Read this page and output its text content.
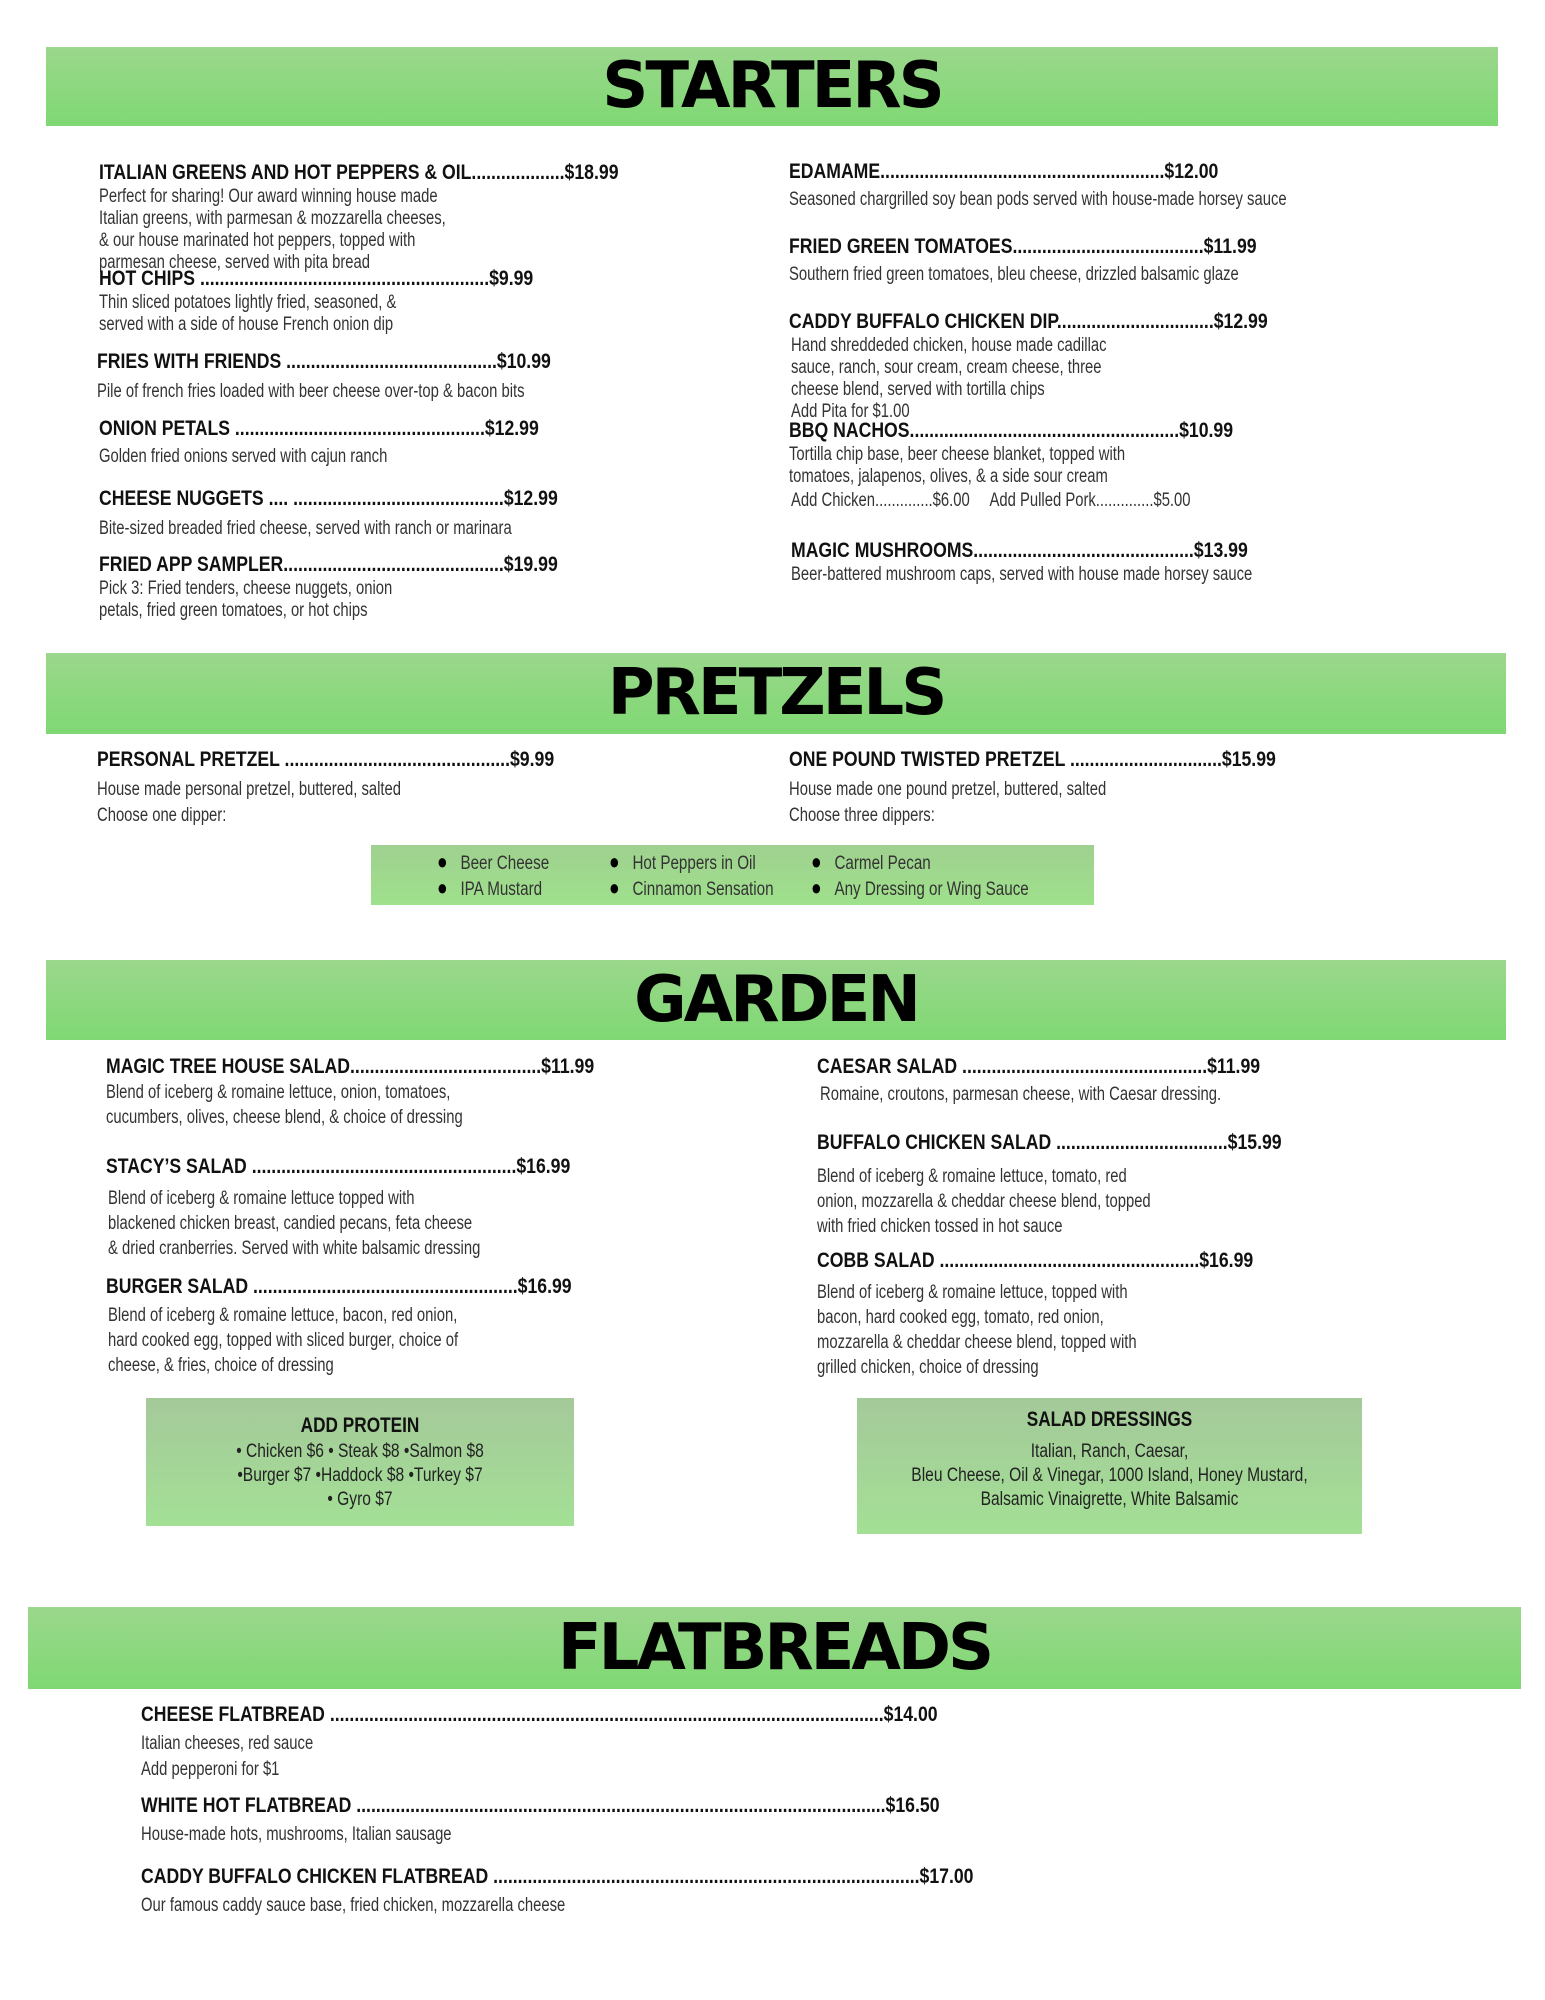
STARTERS
ITALIAN GREENS AND HOT PEPPERS & OIL...................$18.99
Perfect for sharing! Our award winning house made Italian greens, with parmesan & mozzarella cheeses, & our house marinated hot peppers, topped with parmesan cheese, served with pita bread
HOT CHIPS ...........................................................$9.99
Thin sliced potatoes lightly fried, seasoned, & served with a side of house French onion dip
FRIES WITH FRIENDS ...........................................$10.99
Pile of french fries loaded with beer cheese over-top & bacon bits
ONION PETALS ...................................................$12.99
Golden fried onions served with cajun ranch
CHEESE NUGGETS .... ...........................................$12.99
Bite-sized breaded fried cheese, served with ranch or marinara
FRIED APP SAMPLER.............................................$19.99
Pick 3: Fried tenders, cheese nuggets, onion petals, fried green tomatoes, or hot chips
EDAMAME..........................................................$12.00
Seasoned chargrilled soy bean pods served with house-made horsey sauce
FRIED GREEN TOMATOES.......................................$11.99
Southern fried green tomatoes, bleu cheese, drizzled balsamic glaze
CADDY BUFFALO CHICKEN DIP................................$12.99
Hand shreddeded chicken, house made cadillac sauce, ranch, sour cream, cream cheese, three cheese blend, served with tortilla chips
Add Pita for $1.00
BBQ NACHOS.......................................................$10.99
Tortilla chip base, beer cheese blanket, topped with tomatoes, jalapenos, olives, & a side sour cream
Add Chicken..............$6.00     Add Pulled Pork..............$5.00
MAGIC MUSHROOMS.............................................$13.99
Beer-battered mushroom caps, served with house made horsey sauce
PRETZELS
PERSONAL PRETZEL ..............................................$9.99
House made personal pretzel, buttered, salted
Choose one dipper:
ONE POUND TWISTED PRETZEL ...............................$15.99
House made one pound pretzel, buttered, salted
Choose three dippers:
● Beer Cheese
● IPA Mustard
● Hot Peppers in Oil
● Cinnamon Sensation
● Carmel Pecan
● Any Dressing or Wing Sauce
GARDEN
MAGIC TREE HOUSE SALAD.......................................$11.99
Blend of iceberg & romaine lettuce, onion, tomatoes, cucumbers, olives, cheese blend, & choice of dressing
STACY’S SALAD ......................................................$16.99
Blend of iceberg & romaine lettuce topped with blackened chicken breast, candied pecans, feta cheese & dried cranberries. Served with white balsamic dressing
BURGER SALAD ......................................................$16.99
Blend of iceberg & romaine lettuce, bacon, red onion, hard cooked egg, topped with sliced burger, choice of cheese, & fries, choice of dressing
CAESAR SALAD ..................................................$11.99
Romaine, croutons, parmesan cheese, with Caesar dressing.
BUFFALO CHICKEN SALAD ...................................$15.99
Blend of iceberg & romaine lettuce, tomato, red onion, mozzarella & cheddar cheese blend, topped with fried chicken tossed in hot sauce
COBB SALAD .....................................................$16.99
Blend of iceberg & romaine lettuce, topped with bacon, hard cooked egg, tomato, red onion, mozzarella & cheddar cheese blend, topped with grilled chicken, choice of dressing
ADD PROTEIN
• Chicken $6 • Steak $8 •Salmon $8
•Burger $7 •Haddock $8 •Turkey $7
• Gyro $7
SALAD DRESSINGS
Italian, Ranch, Caesar,
Bleu Cheese, Oil & Vinegar, 1000 Island, Honey Mustard,
Balsamic Vinaigrette, White Balsamic
FLATBREADS
CHEESE FLATBREAD .................................................................................................................$14.00
Italian cheeses, red sauce
Add pepperoni for $1
WHITE HOT FLATBREAD ............................................................................................................$16.50
House-made hots, mushrooms, Italian sausage
CADDY BUFFALO CHICKEN FLATBREAD .......................................................................................$17.00
Our famous caddy sauce base, fried chicken, mozzarella cheese
